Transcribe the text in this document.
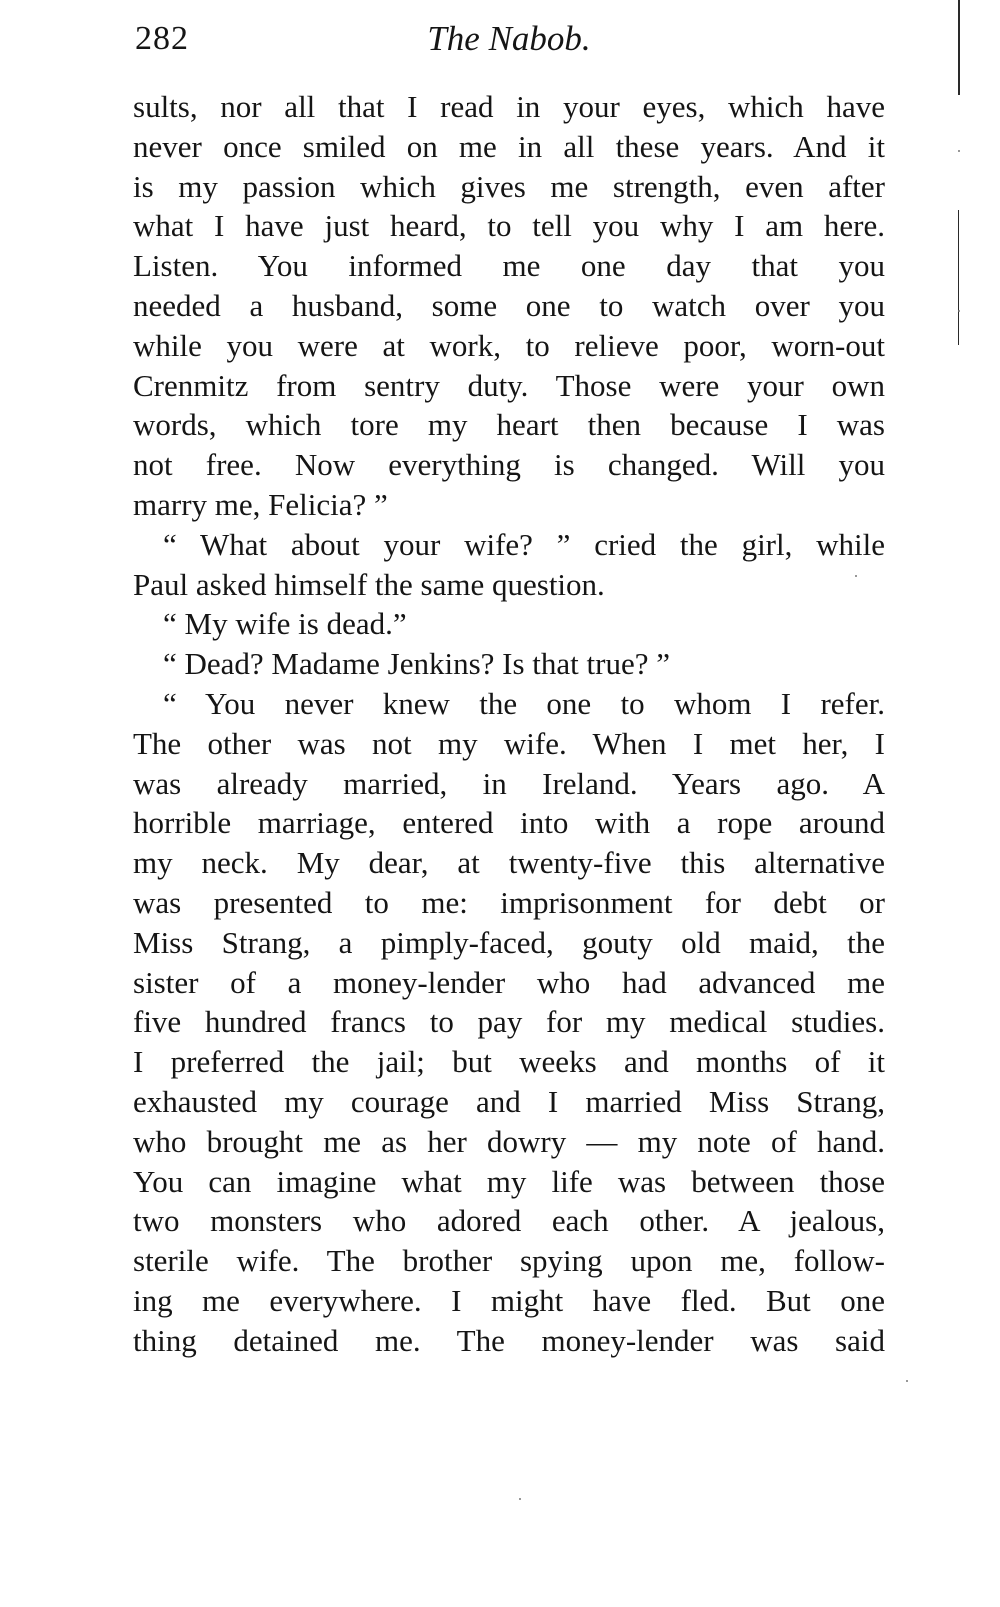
282	The Nabob.
sults, nor all that I read in your eyes, which have
never once smiled on me in all these years. And it
is my passion which gives me strength, even after
what I have just heard, to tell you why I am here.
Listen. You informed me one day that you
needed a husband, some one to watch over you
while you were at work, to relieve poor, worn-out
Crenmitz from sentry duty. Those were your own
words, which tore my heart then because I was
not free. Now everything is changed. Will you
marry me, Felicia? ”
“ What about your wife? ” cried the girl, while
Paul asked himself the same question.
“ My wife is dead.”
“ Dead? Madame Jenkins? Is that true? ”
“ You never knew the one to whom I refer.
The other was not my wife. When I met her, I
was already married, in Ireland. Years ago. A
horrible marriage, entered into with a rope around
my neck. My dear, at twenty-five this alternative
was presented to me: imprisonment for debt or
Miss Strang, a pimply-faced, gouty old maid, the
sister of a money-lender who had advanced me
five hundred francs to pay for my medical studies.
I preferred the jail; but weeks and months of it
exhausted my courage and I married Miss Strang,
who brought me as her dowry — my note of hand.
You can imagine what my life was between those
two monsters who adored each other. A jealous,
sterile wife. The brother spying upon me, follow-
ing me everywhere. I might have fled. But one
thing detained me. The money-lender was said
